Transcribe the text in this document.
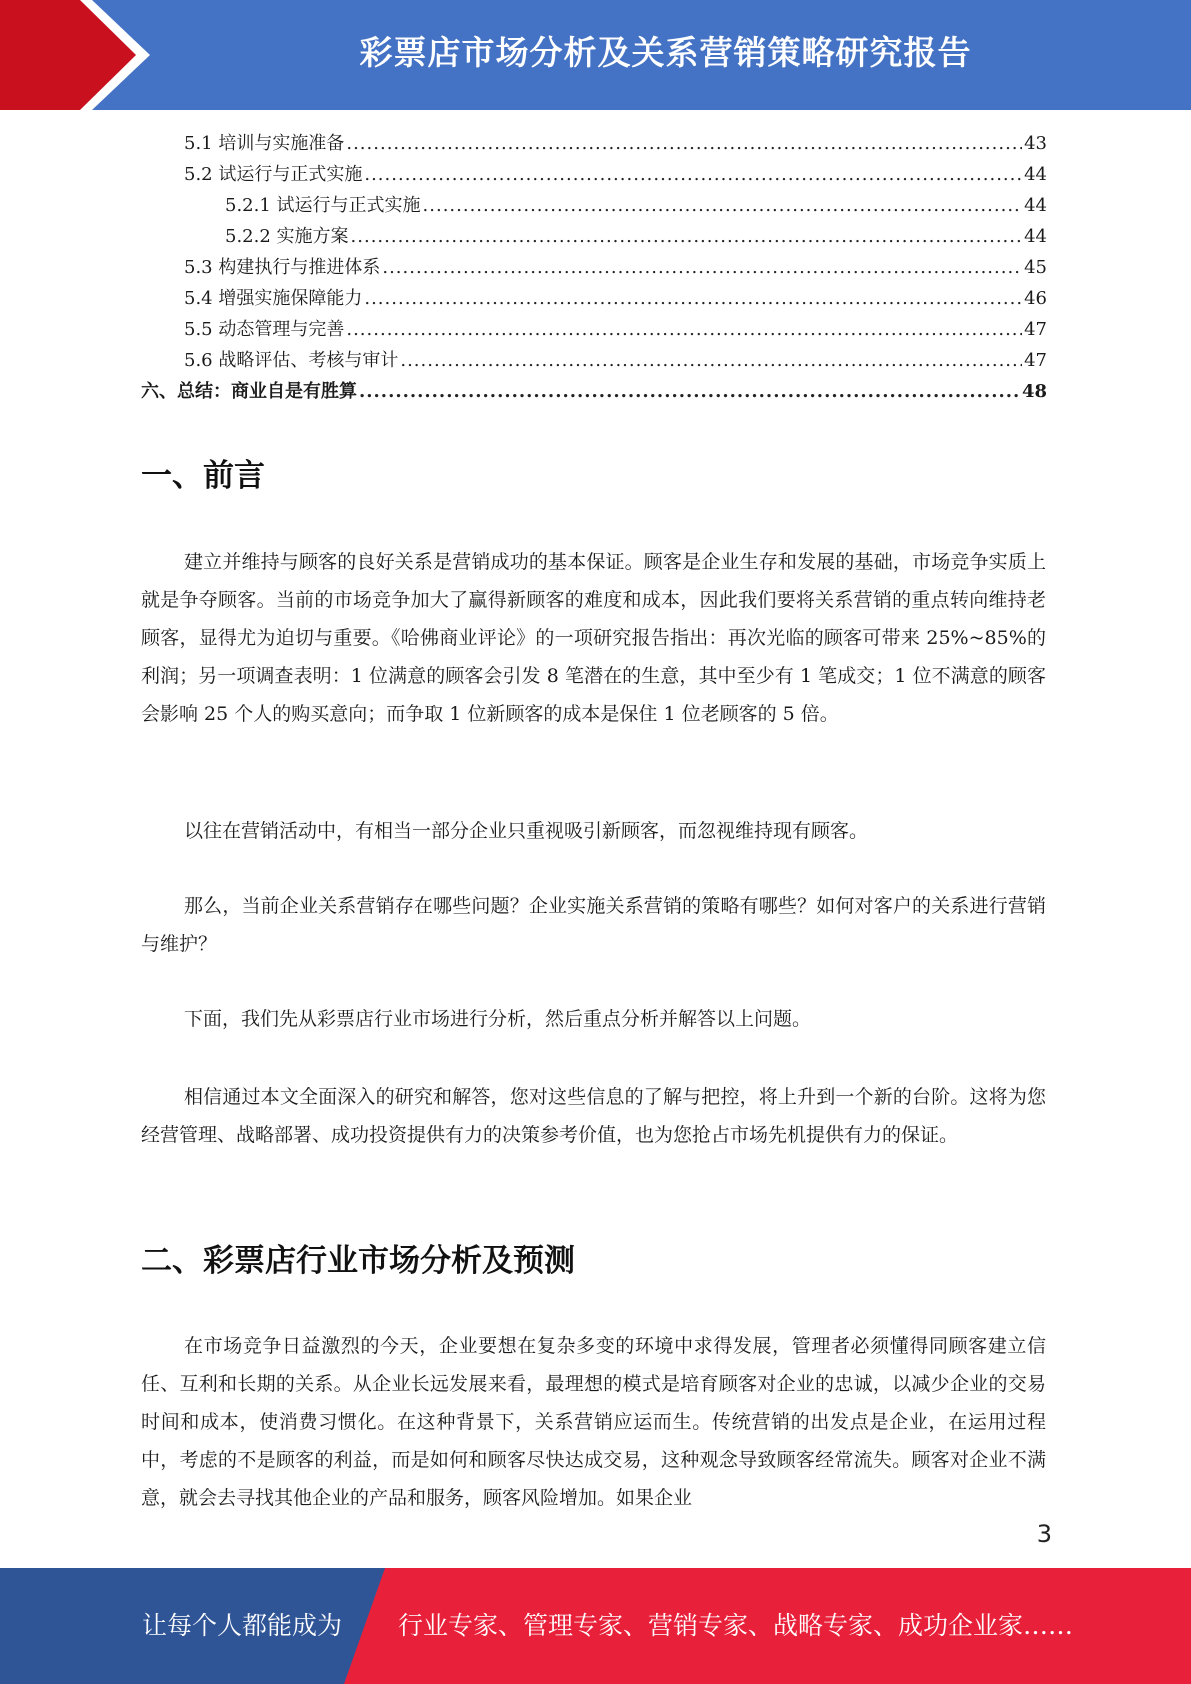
彩票店市场分析及关系营销策略研究报告
5.1 培训与实施准备 .....	43
5.2 试运行与正式实施 .....	44
5.2.1 试运行与正式实施 .....	44
5.2.2 实施方案 .....	44
5.3 构建执行与推进体系 .....	45
5.4 增强实施保障能力 .....	46
5.5 动态管理与完善 .....	47
5.6 战略评估、考核与审计 .....	47
六、总结：商业自是有胜算 .....	48
一、前言

建立并维持与顾客的良好关系是营销成功的基本保证。顾客是企业生存和发展的基础，市场竞争实质上就是争夺顾客。当前的市场竞争加大了赢得新顾客的难度和成本，因此我们要将关系营销的重点转向维持老顾客，显得尤为迫切与重要。《哈佛商业评论》的一项研究报告指出：再次光临的顾客可带来 25%~85%的利润；另一项调查表明：1 位满意的顾客会引发 8 笔潜在的生意，其中至少有 1 笔成交；1 位不满意的顾客会影响 25 个人的购买意向；而争取 1 位新顾客的成本是保住 1 位老顾客的 5 倍。

以往在营销活动中，有相当一部分企业只重视吸引新顾客，而忽视维持现有顾客。

那么，当前企业关系营销存在哪些问题？企业实施关系营销的策略有哪些？如何对客户的关系进行营销与维护？

下面，我们先从彩票店行业市场进行分析，然后重点分析并解答以上问题。

相信通过本文全面深入的研究和解答，您对这些信息的了解与把控，将上升到一个新的台阶。这将为您经营管理、战略部署、成功投资提供有力的决策参考价值，也为您抢占市场先机提供有力的保证。

二、彩票店行业市场分析及预测

在市场竞争日益激烈的今天，企业要想在复杂多变的环境中求得发展，管理者必须懂得同顾客建立信任、互利和长期的关系。从企业长远发展来看，最理想的模式是培育顾客对企业的忠诚，以减少企业的交易时间和成本，使消费习惯化。在这种背景下，关系营销应运而生。传统营销的出发点是企业，在运用过程中，考虑的不是顾客的利益，而是如何和顾客尽快达成交易，这种观念导致顾客经常流失。顾客对企业不满意，就会去寻找其他企业的产品和服务，顾客风险增加。如果企业

3
让每个人都能成为 行业专家、管理专家、营销专家、战略专家、成功企业家……
